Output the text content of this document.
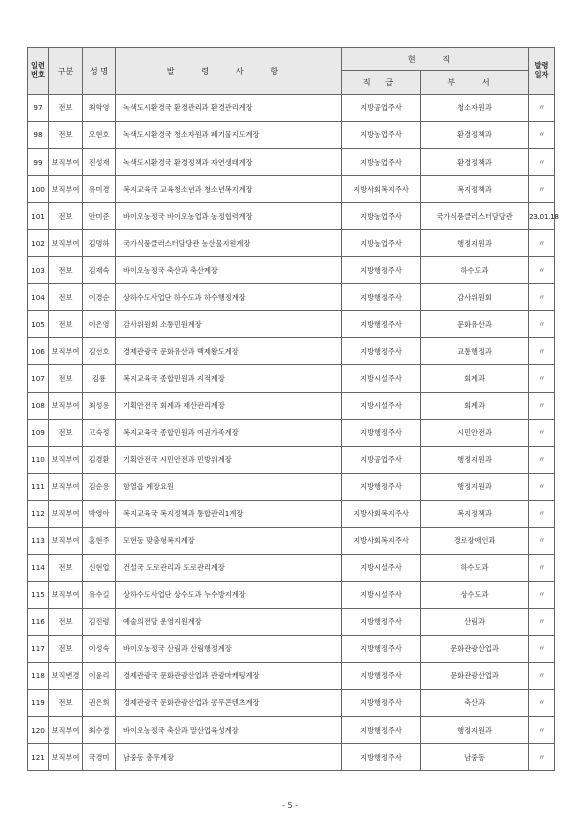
일련
번호	구분	성 명	발 령 사 항	현 직		발령
일자
				직 급	부 서	
97	전보	최학영	녹색도시환경국 환경관리과 환경관리계장	지방공업주사	청소자원과	〃
98	전보	오현호	녹색도시환경국 청소자원과 폐기물지도계장	지방농업주사	환경정책과	〃
99	보직부여	진성재	녹색도시환경국 환경정책과 자연생태계장	지방농업주사	환경정책과	〃
100	보직부여	유미경	복지교육국 교육청소년과 청소년복지계장	지방사회복지주사	복지정책과	〃
101	전보	안미준	바이오농정국 바이오농업과 농정협력계장	지방농업주사	국가식품클러스터담당관	23.01.18
102	보직부여	김명하	국가식품클러스터담당관 농산물지원계장	지방농업주사	행정지원과	〃
103	전보	김재숙	바이오농정국 축산과 축산계장	지방행정주사	하수도과	〃
104	전보	이경순	상하수도사업단 하수도과 하수행정계장	지방행정주사	감사위원회	〃
105	전보	이은영	감사위원회 소통민원계장	지방행정주사	문화유산과	〃
106	보직부여	김선호	경제관광국 문화유산과 백제왕도계장	지방행정주사	교통행정과	〃
107	전보	김룡	복지교육국 종합민원과 지적계장	지방시설주사	회계과	〃
108	보직부여	최성용	기획안전국 회계과 재산관리계장	지방시설주사	회계과	〃
109	전보	고숙정	복지교육국 종합민원과 여권가족계장	지방행정주사	시민안전과	〃
110	보직부여	김경환	기획안전국 시민안전과 민방위계장	지방공업주사	행정지원과	〃
111	보직부여	김순용	함열읍 계장요원	지방행정주사	행정지원과	〃
112	보직부여	박영아	복지교육국 복지정책과 통합관리1계장	지방사회복지주사	복지정책과	〃
113	보직부여	홍현주	모현동 맞춤형복지계장	지방사회복지주사	경로장애인과	〃
114	전보	신현업	건설국 도로관리과 도로관리계장	지방시설주사	하수도과	〃
115	보직부여	유수길	상하수도사업단 상수도과 누수방지계장	지방시설주사	상수도과	〃
116	전보	김진령	예술의전당 운영지원계장	지방행정주사	산림과	〃
117	전보	이성숙	바이오농정국 산림과 산림행정계장	지방행정주사	문화관광산업과	〃
118	보직변경	이윤리	경제관광국 문화관광산업과 관광마케팅계장	지방행정주사	문화관광산업과	〃
119	전보	권은희	경제관광국 문화관광산업과 콩무콘텐츠계장	지방행정주사	축산과	〃
120	보직부여	최수경	바이오농정국 축산과 말산업육성계장	지방행정주사	행정지원과	〃
121	보직부여	국경미	남중동 총무계장	지방행정주사	남중동	〃
- 5 -
